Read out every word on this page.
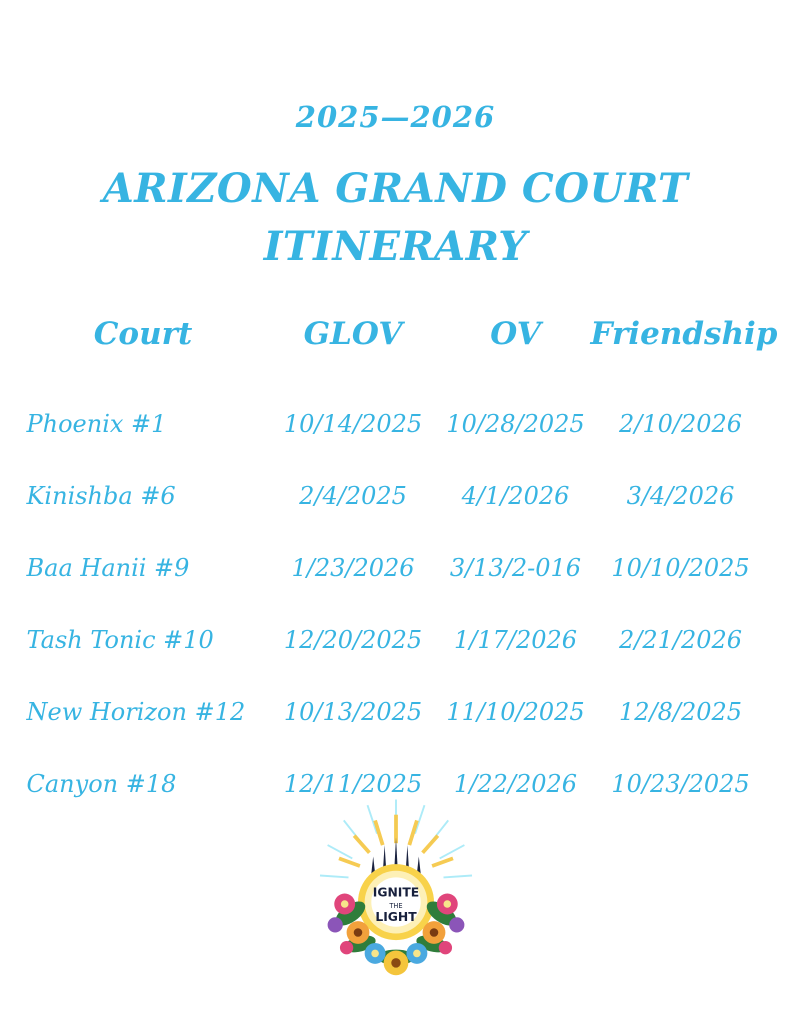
2025—2026
ARIZONA GRAND COURT
ITINERARY
Court	GLOV	OV	Friendship
Phoenix #1	10/14/2025	10/28/2025	2/10/2026
Kinishba #6	2/4/2025	4/1/2026	3/4/2026
Baa Hanii #9	1/23/2026	3/13/2-016	10/10/2025
Tash Tonic #10	12/20/2025	1/17/2026	2/21/2026
New Horizon #12	10/13/2025	11/10/2025	12/8/2025
Canyon #18	12/11/2025	1/22/2026	10/23/2025
IGNITE
THE
LIGHT
